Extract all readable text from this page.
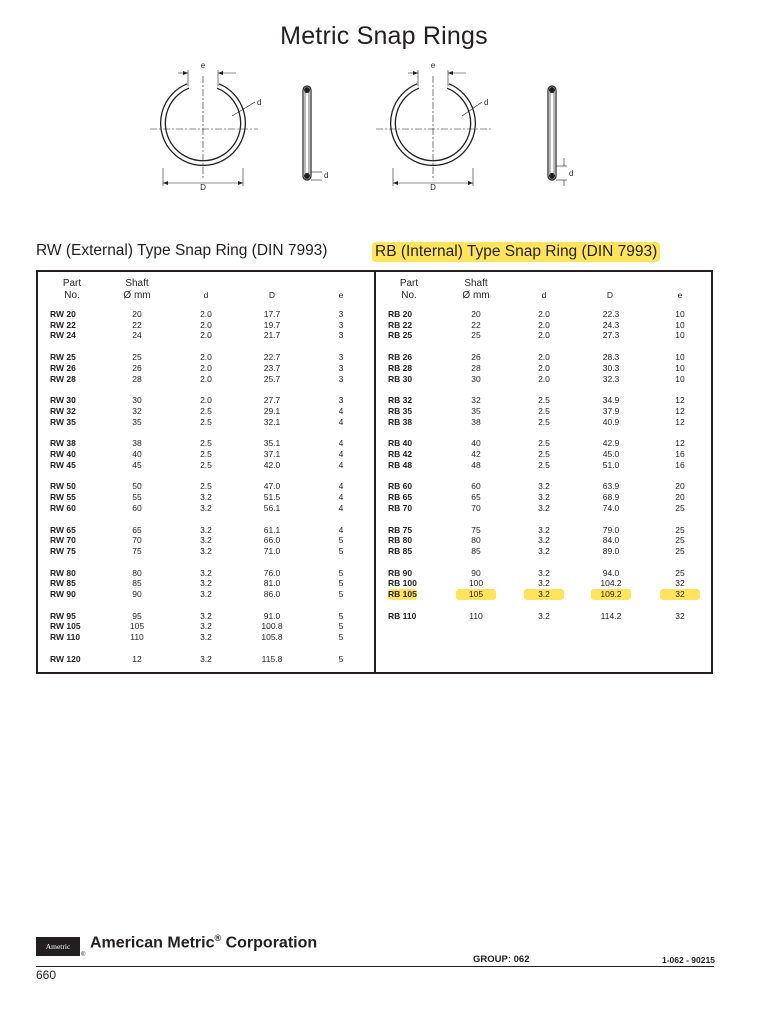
Metric Snap Rings
e
d
D
d
e
d
D
d
RW (External) Type Snap Ring (DIN 7993)	RB (Internal) Type Snap Ring (DIN 7993)
Part
No.
Shaft
Ø mm	d	D	e
Part
No.
Shaft
Ø mm	d	D	e
RW 20	20	2.0	17.7	3
RW 22	22	2.0	19.7	3
RW 24	24	2.0	21.7	3
RW 25	25	2.0	22.7	3
RW 26	26	2.0	23.7	3
RW 28	28	2.0	25.7	3
RW 30	30	2.0	27.7	3
RW 32	32	2.5	29.1	4
RW 35	35	2.5	32.1	4
RW 38	38	2.5	35.1	4
RW 40	40	2.5	37.1	4
RW 45	45	2.5	42.0	4
RW 50	50	2.5	47.0	4
RW 55	55	3.2	51.5	4
RW 60	60	3.2	56.1	4
RW 65	65	3.2	61.1	4
RW 70	70	3.2	66.0	5
RW 75	75	3.2	71.0	5
RW 80	80	3.2	76.0	5
RW 85	85	3.2	81.0	5
RW 90	90	3.2	86.0	5
RW 95	95	3.2	91.0	5
RW 105	105	3.2	100.8	5
RW 110	110	3.2	105.8	5
RW 120	12	3.2	115.8	5
RB 20	20	2.0	22.3	10
RB 22	22	2.0	24.3	10
RB 25	25	2.0	27.3	10
RB 26	26	2.0	28.3	10
RB 28	28	2.0	30.3	10
RB 30	30	2.0	32.3	10
RB 32	32	2.5	34.9	12
RB 35	35	2.5	37.9	12
RB 38	38	2.5	40.9	12
RB 40	40	2.5	42.9	12
RB 42	42	2.5	45.0	16
RB 48	48	2.5	51.0	16
RB 60	60	3.2	63.9	20
RB 65	65	3.2	68.9	20
RB 70	70	3.2	74.0	25
RB 75	75	3.2	79.0	25
RB 80	80	3.2	84.0	25
RB 85	85	3.2	89.0	25
RB 90	90	3.2	94.0	25
RB 100	100	3.2	104.2	32
RB 105	105	3.2	109.2	32
RB 110	110	3.2	114.2	32
Ametric
®
American Metric® Corporation
GROUP: 062	1-062 - 90215
660
